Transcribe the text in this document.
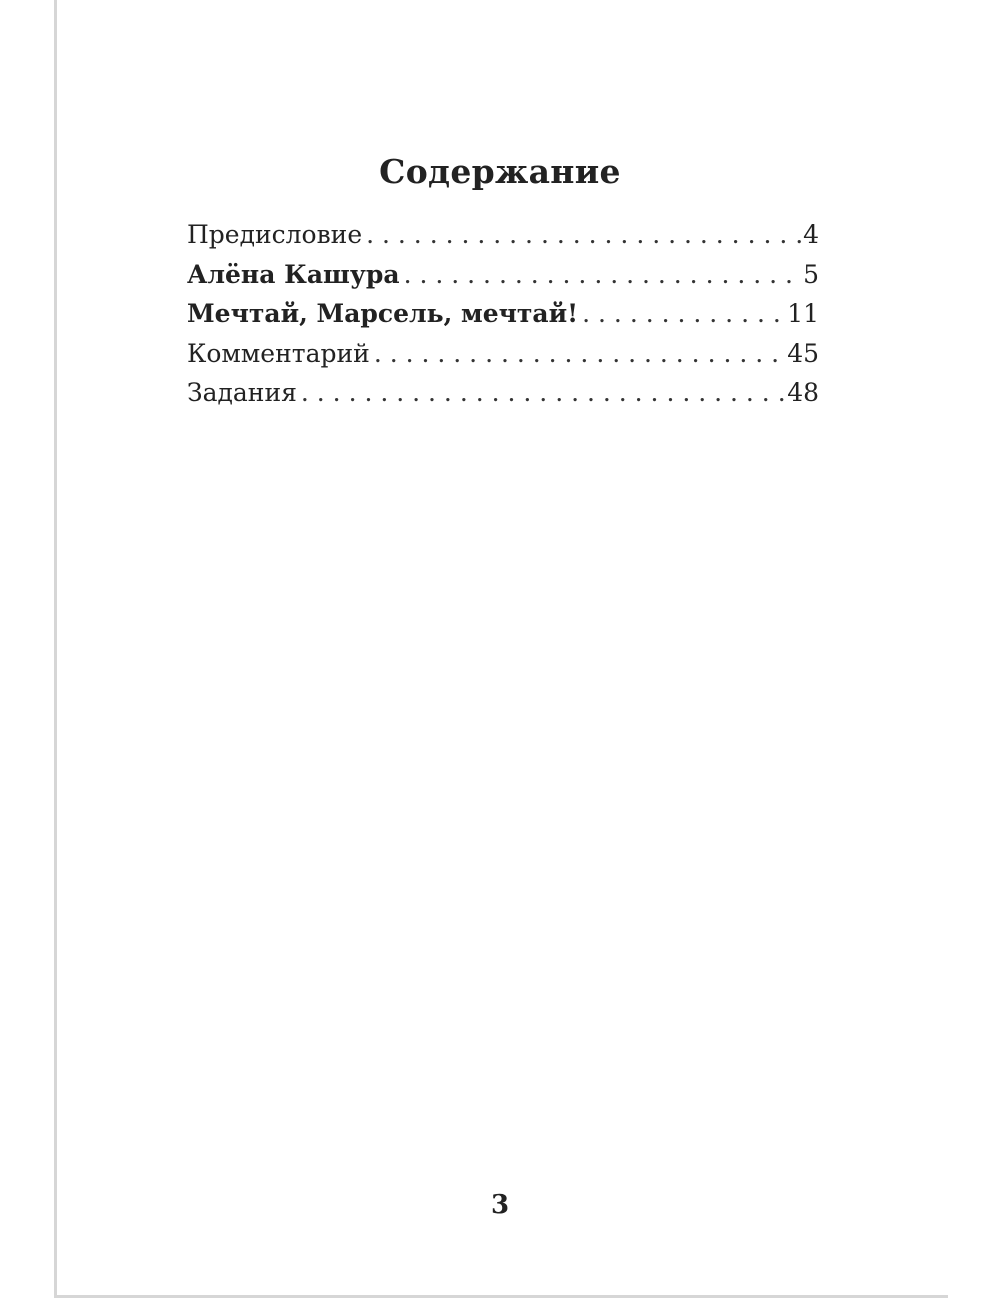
Содержание
Предисловие . . .	4
Алёна Кашура . . .	5
Мечтай, Марсель, мечтай! . . .	11
Комментарий . . .	45
Задания . . .	48
3
